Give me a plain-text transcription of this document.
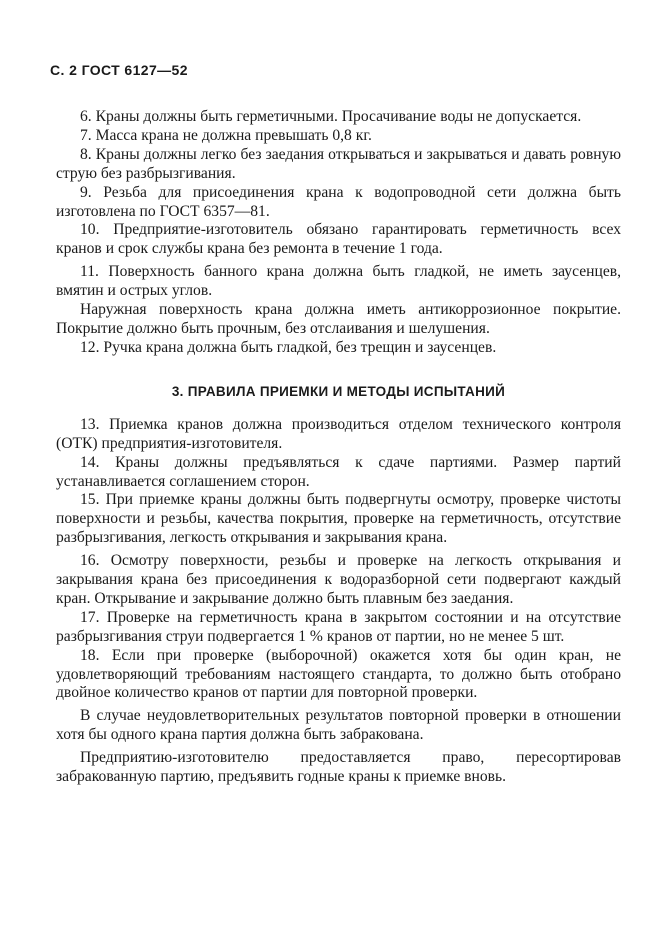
С. 2 ГОСТ 6127—52

6. Краны должны быть герметичными. Просачивание воды не допускается.

7. Масса крана не должна превышать 0,8 кг.

8. Краны должны легко без заедания открываться и закрываться и давать ровную струю без разбрызгивания.

9. Резьба для присоединения крана к водопроводной сети должна быть изготовлена по ГОСТ 6357—81.

10. Предприятие-изготовитель обязано гарантировать герметичность всех кранов и срок службы крана без ремонта в течение 1 года.

11. Поверхность банного крана должна быть гладкой, не иметь заусенцев, вмятин и острых углов.

Наружная поверхность крана должна иметь антикоррозионное покрытие. Покрытие должно быть прочным, без отслаивания и шелушения.

12. Ручка крана должна быть гладкой, без трещин и заусенцев.

3. ПРАВИЛА ПРИЕМКИ И МЕТОДЫ ИСПЫТАНИЙ

13. Приемка кранов должна производиться отделом технического контроля (ОТК) предприятия-изготовителя.

14. Краны должны предъявляться к сдаче партиями. Размер партий устанавливается соглашением сторон.

15. При приемке краны должны быть подвергнуты осмотру, проверке чистоты поверхности и резьбы, качества покрытия, проверке на герметичность, отсутствие разбрызгивания, легкость открывания и закрывания крана.

16. Осмотру поверхности, резьбы и проверке на легкость открывания и закрывания крана без присоединения к водоразборной сети подвергают каждый кран. Открывание и закрывание должно быть плавным без заедания.

17. Проверке на герметичность крана в закрытом состоянии и на отсутствие разбрызгивания струи подвергается 1 % кранов от партии, но не менее 5 шт.

18. Если при проверке (выборочной) окажется хотя бы один кран, не удовлетворяющий требованиям настоящего стандарта, то должно быть отобрано двойное количество кранов от партии для повторной проверки.

В случае неудовлетворительных результатов повторной проверки в отношении хотя бы одного крана партия должна быть забракована.

Предприятию-изготовителю предоставляется право, пересортировав забракованную партию, предъявить годные краны к приемке вновь.
